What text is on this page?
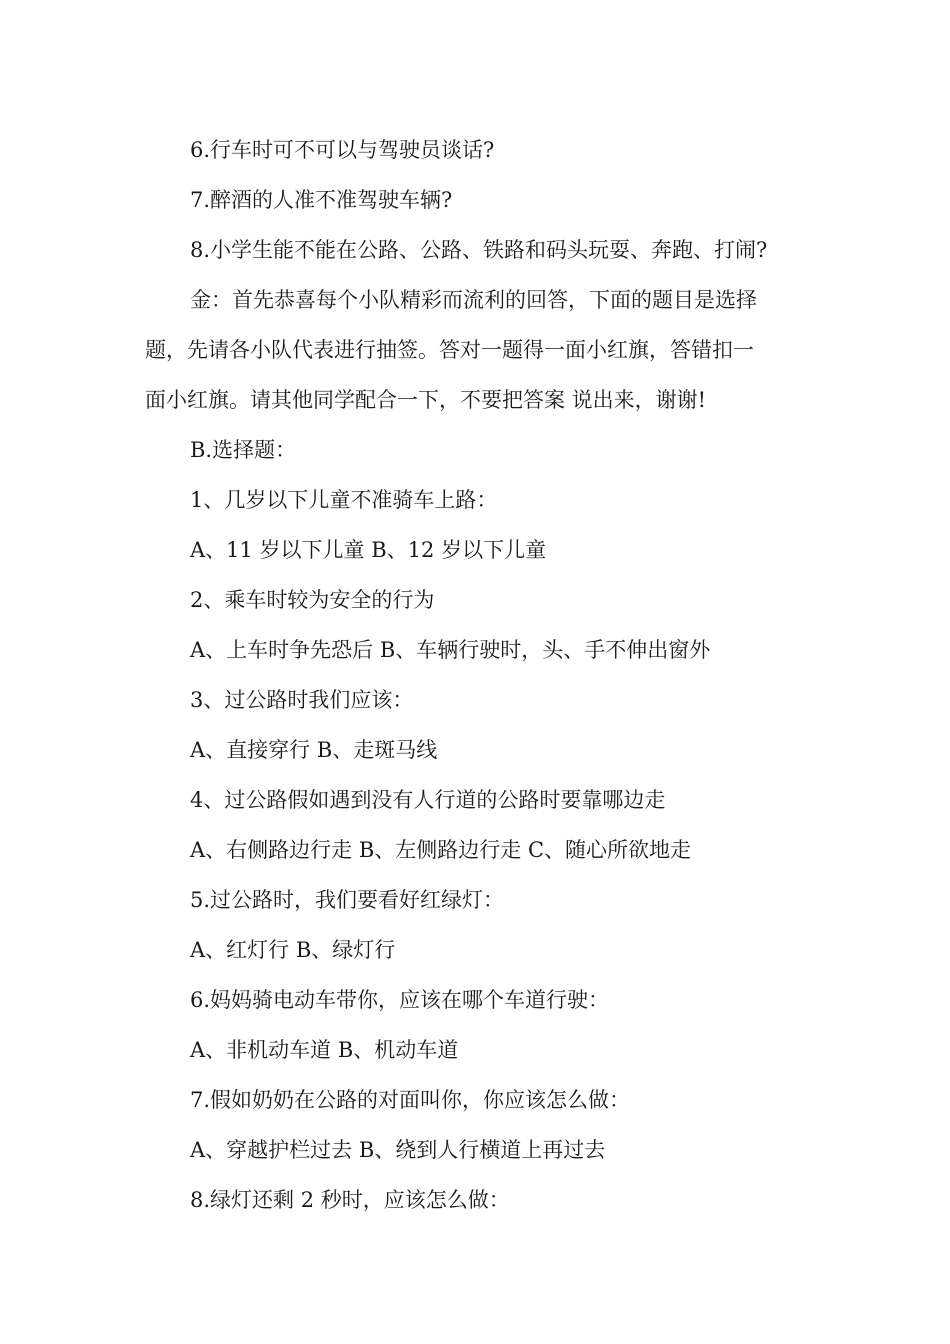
6.行车时可不可以与驾驶员谈话?
7.醉酒的人准不准驾驶车辆?
8.小学生能不能在公路、公路、铁路和码头玩耍、奔跑、打闹?
金：首先恭喜每个小队精彩而流利的回答，下面的题目是选择
题，先请各小队代表进行抽签。答对一题得一面小红旗，答错扣一
面小红旗。请其他同学配合一下，不要把答案 说出来，谢谢!
B.选择题：
1、几岁以下儿童不准骑车上路：
A、11 岁以下儿童 B、12 岁以下儿童
2、乘车时较为安全的行为
A、上车时争先恐后 B、车辆行驶时，头、手不伸出窗外
3、过公路时我们应该：
A、直接穿行 B、走斑马线
4、过公路假如遇到没有人行道的公路时要靠哪边走
A、右侧路边行走 B、左侧路边行走 C、随心所欲地走
5.过公路时，我们要看好红绿灯：
A、红灯行 B、绿灯行
6.妈妈骑电动车带你，应该在哪个车道行驶：
A、非机动车道 B、机动车道
7.假如奶奶在公路的对面叫你，你应该怎么做：
A、穿越护栏过去 B、绕到人行横道上再过去
8.绿灯还剩 2 秒时，应该怎么做：
